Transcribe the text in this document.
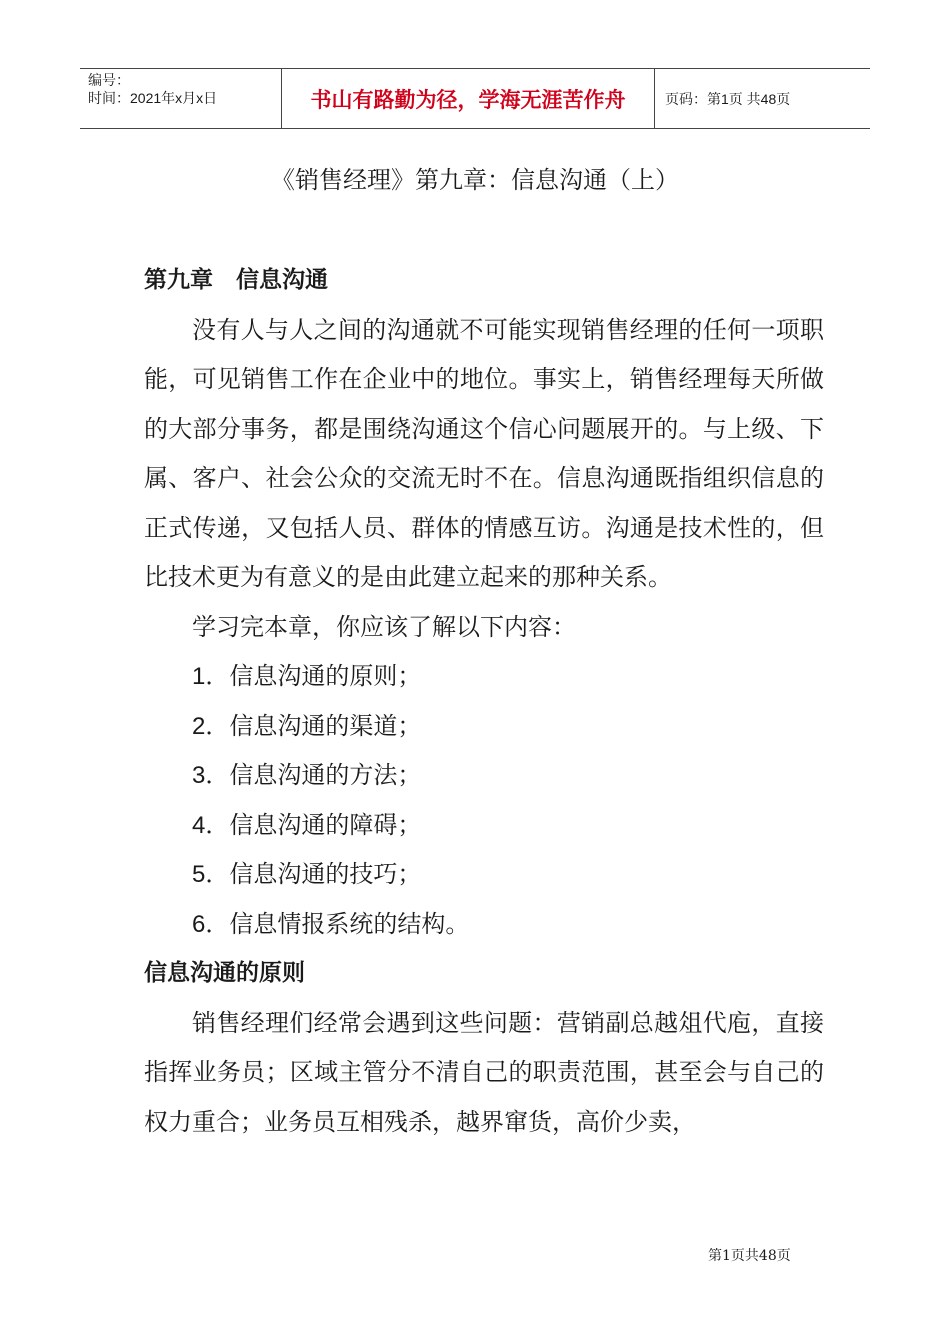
编号：
时间：2021年x月x日	书山有路勤为径，学海无涯苦作舟	页码：第1页 共48页
《销售经理》第九章：信息沟通（上）

第九章　信息沟通

没有人与人之间的沟通就不可能实现销售经理的任何一项职能，可见销售工作在企业中的地位。事实上，销售经理每天所做的大部分事务，都是围绕沟通这个信心问题展开的。与上级、下属、客户、社会公众的交流无时不在。信息沟通既指组织信息的正式传递，又包括人员、群体的情感互访。沟通是技术性的，但比技术更为有意义的是由此建立起来的那种关系。

学习完本章，你应该了解以下内容：

1．信息沟通的原则；

2．信息沟通的渠道；

3．信息沟通的方法；

4．信息沟通的障碍；

5．信息沟通的技巧；

6．信息情报系统的结构。

信息沟通的原则

销售经理们经常会遇到这些问题：营销副总越俎代庖，直接指挥业务员；区域主管分不清自己的职责范围，甚至会与自己的权力重合；业务员互相残杀，越界窜货，高价少卖，

第1页共48页
